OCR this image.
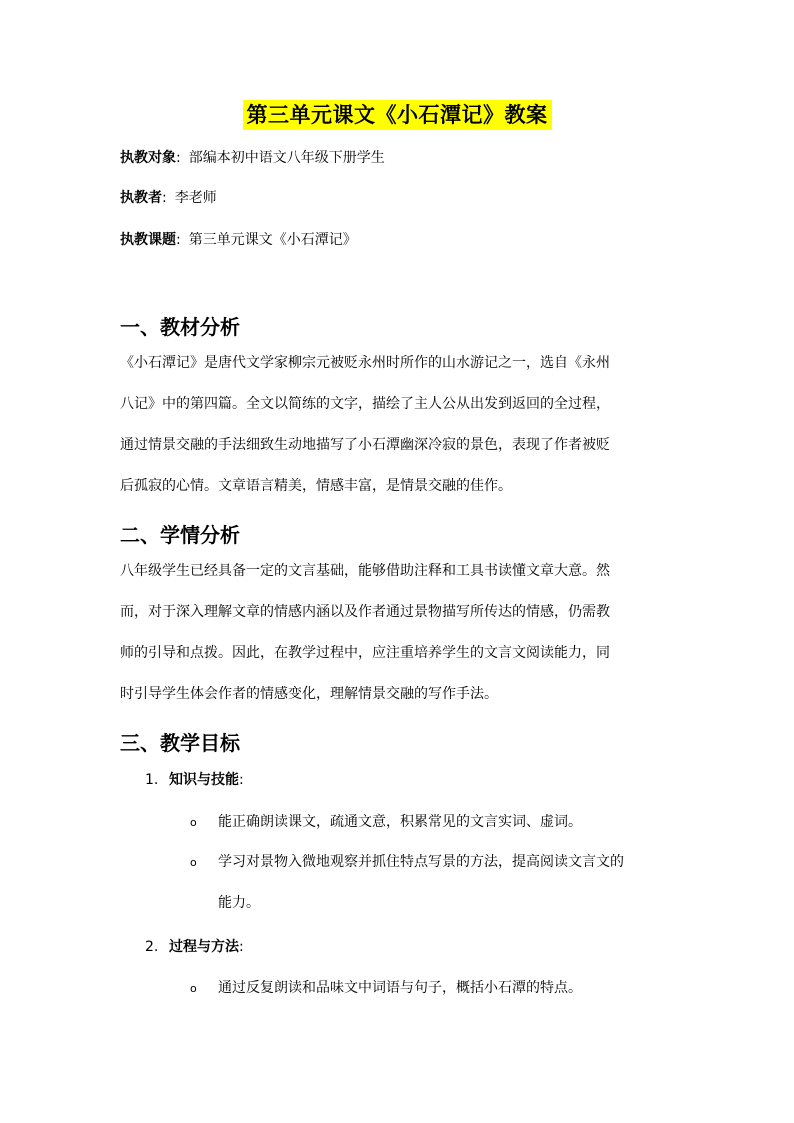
第三单元课文《小石潭记》教案
执教对象: 部编本初中语文八年级下册学生
执教者: 李老师
执教课题: 第三单元课文《小石潭记》
一、教材分析
《小石潭记》是唐代文学家柳宗元被贬永州时所作的山水游记之一，选自《永州
八记》中的第四篇。全文以简练的文字，描绘了主人公从出发到返回的全过程，
通过情景交融的手法细致生动地描写了小石潭幽深冷寂的景色，表现了作者被贬
后孤寂的心情。文章语言精美，情感丰富，是情景交融的佳作。
二、学情分析
八年级学生已经具备一定的文言基础，能够借助注释和工具书读懂文章大意。然
而，对于深入理解文章的情感内涵以及作者通过景物描写所传达的情感，仍需教
师的引导和点拨。因此，在教学过程中，应注重培养学生的文言文阅读能力，同
时引导学生体会作者的情感变化，理解情景交融的写作手法。
三、教学目标
1. 知识与技能:
o 能正确朗读课文，疏通文意，积累常见的文言实词、虚词。
o 学习对景物入微地观察并抓住特点写景的方法，提高阅读文言文的
能力。
2. 过程与方法:
o 通过反复朗读和品味文中词语与句子，概括小石潭的特点。
